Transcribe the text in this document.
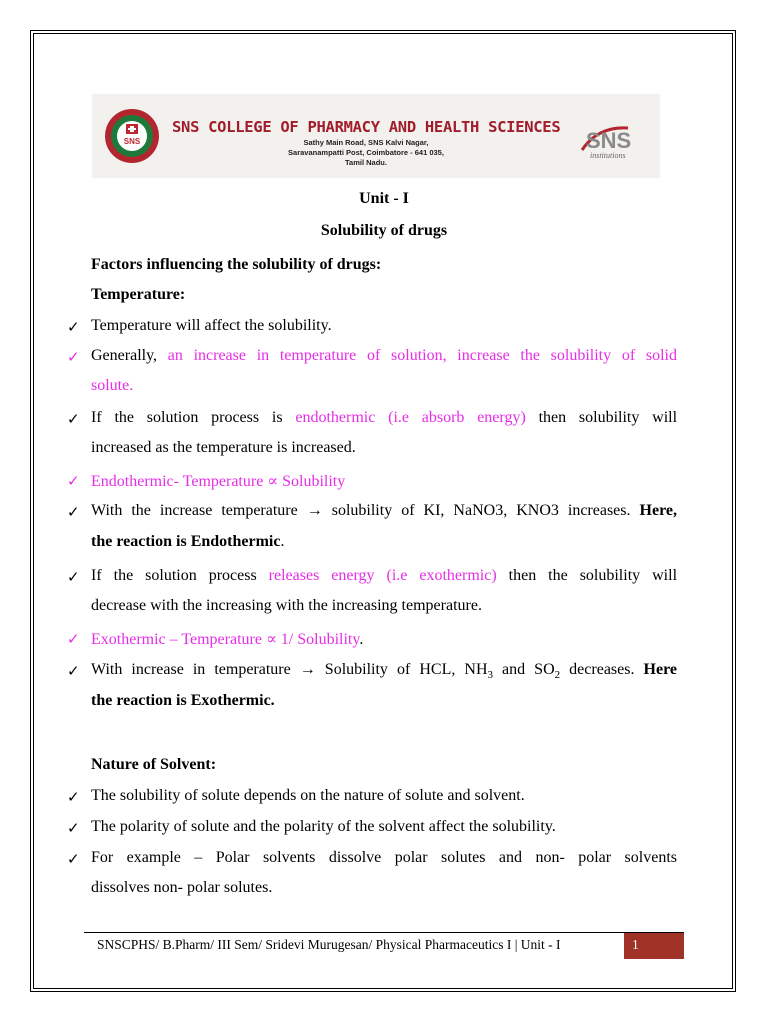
SNS
SNS COLLEGE OF PHARMACY AND HEALTH SCIENCES
Sathy Main Road, SNS Kalvi Nagar,
Saravanampatti Post, Coimbatore - 641 035,
Tamil Nadu.
SNS
institutions
Unit - I
Solubility of drugs
Factors influencing the solubility of drugs:
Temperature:
✓ Temperature will affect the solubility.
✓ Generally, an increase in temperature of solution, increase the solubility of solid
solute.
✓ If the solution process is endothermic (i.e absorb energy) then solubility will
increased as the temperature is increased.
✓ Endothermic- Temperature ∝ Solubility
✓ With the increase temperature → solubility of KI, NaNO3, KNO3 increases. Here,
the reaction is Endothermic.
✓ If the solution process releases energy (i.e exothermic) then the solubility will
decrease with the increasing with the increasing temperature.
✓ Exothermic – Temperature ∝ 1/ Solubility.
✓ With increase in temperature → Solubility of HCL, $NH_3$ and $SO_2$ decreases. Here
the reaction is Exothermic.
Nature of Solvent:
✓ The solubility of solute depends on the nature of solute and solvent.
✓ The polarity of solute and the polarity of the solvent affect the solubility.
✓ For example – Polar solvents dissolve polar solutes and non- polar solvents
dissolves non- polar solutes.
SNSCPHS/ B.Pharm/ III Sem/ Sridevi Murugesan/ Physical Pharmaceutics I | Unit - I	1
